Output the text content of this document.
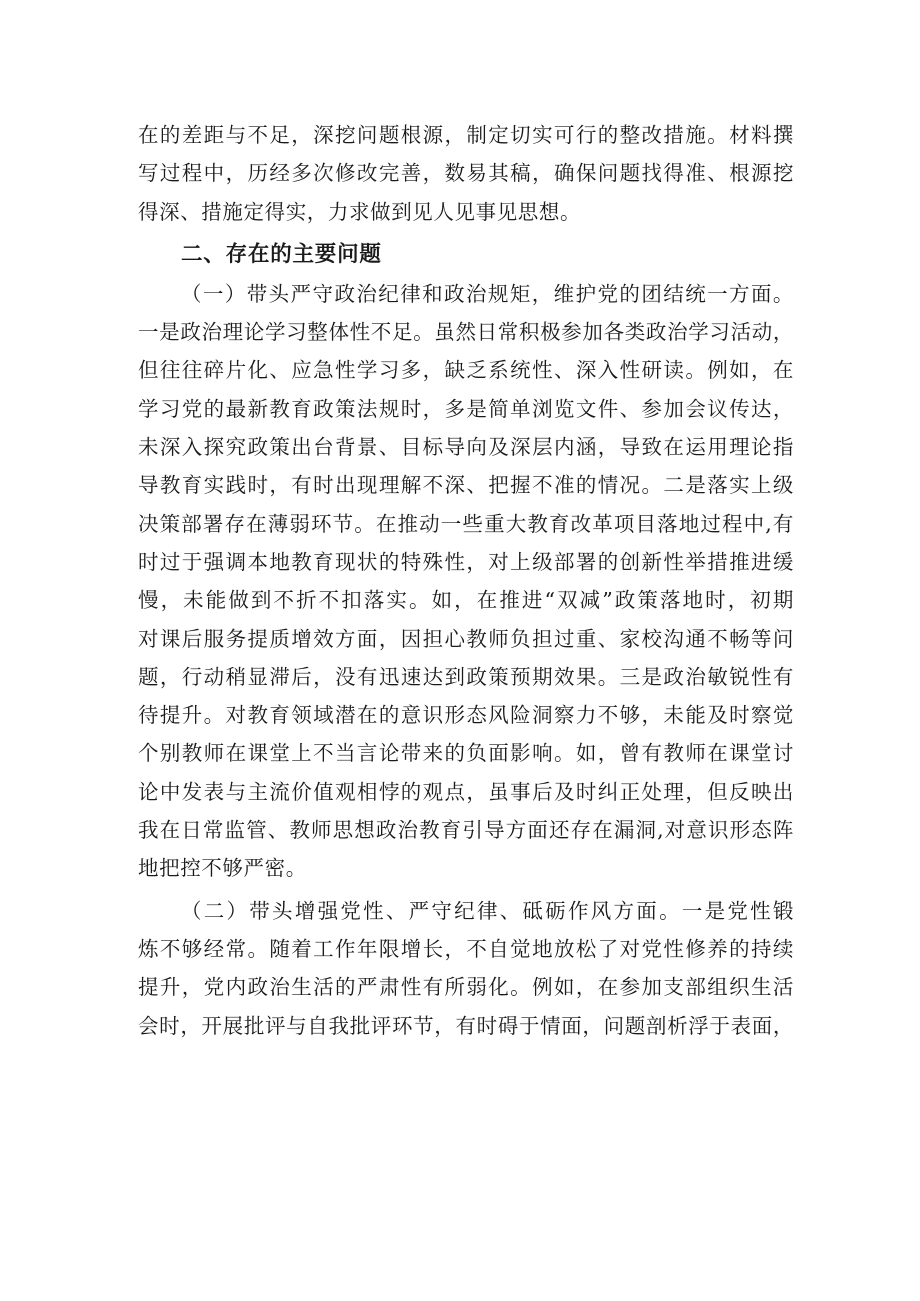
在的差距与不足，深挖问题根源，制定切实可行的整改措施。材料撰
写过程中，历经多次修改完善，数易其稿，确保问题找得准、根源挖
得深、措施定得实，力求做到见人见事见思想。

二、存在的主要问题

（一）带头严守政治纪律和政治规矩，维护党的团结统一方面。
一是政治理论学习整体性不足。虽然日常积极参加各类政治学习活动，
但往往碎片化、应急性学习多，缺乏系统性、深入性研读。例如，在
学习党的最新教育政策法规时，多是简单浏览文件、参加会议传达，
未深入探究政策出台背景、目标导向及深层内涵，导致在运用理论指
导教育实践时，有时出现理解不深、把握不准的情况。二是落实上级
决策部署存在薄弱环节。在推动一些重大教育改革项目落地过程中,有
时过于强调本地教育现状的特殊性，对上级部署的创新性举措推进缓
慢，未能做到不折不扣落实。如，在推进“双减”政策落地时，初期
对课后服务提质增效方面，因担心教师负担过重、家校沟通不畅等问
题，行动稍显滞后，没有迅速达到政策预期效果。三是政治敏锐性有
待提升。对教育领域潜在的意识形态风险洞察力不够，未能及时察觉
个别教师在课堂上不当言论带来的负面影响。如，曾有教师在课堂讨
论中发表与主流价值观相悖的观点，虽事后及时纠正处理，但反映出
我在日常监管、教师思想政治教育引导方面还存在漏洞,对意识形态阵
地把控不够严密。

（二）带头增强党性、严守纪律、砥砺作风方面。一是党性锻
炼不够经常。随着工作年限增长，不自觉地放松了对党性修养的持续
提升，党内政治生活的严肃性有所弱化。例如，在参加支部组织生活
会时，开展批评与自我批评环节，有时碍于情面，问题剖析浮于表面，
